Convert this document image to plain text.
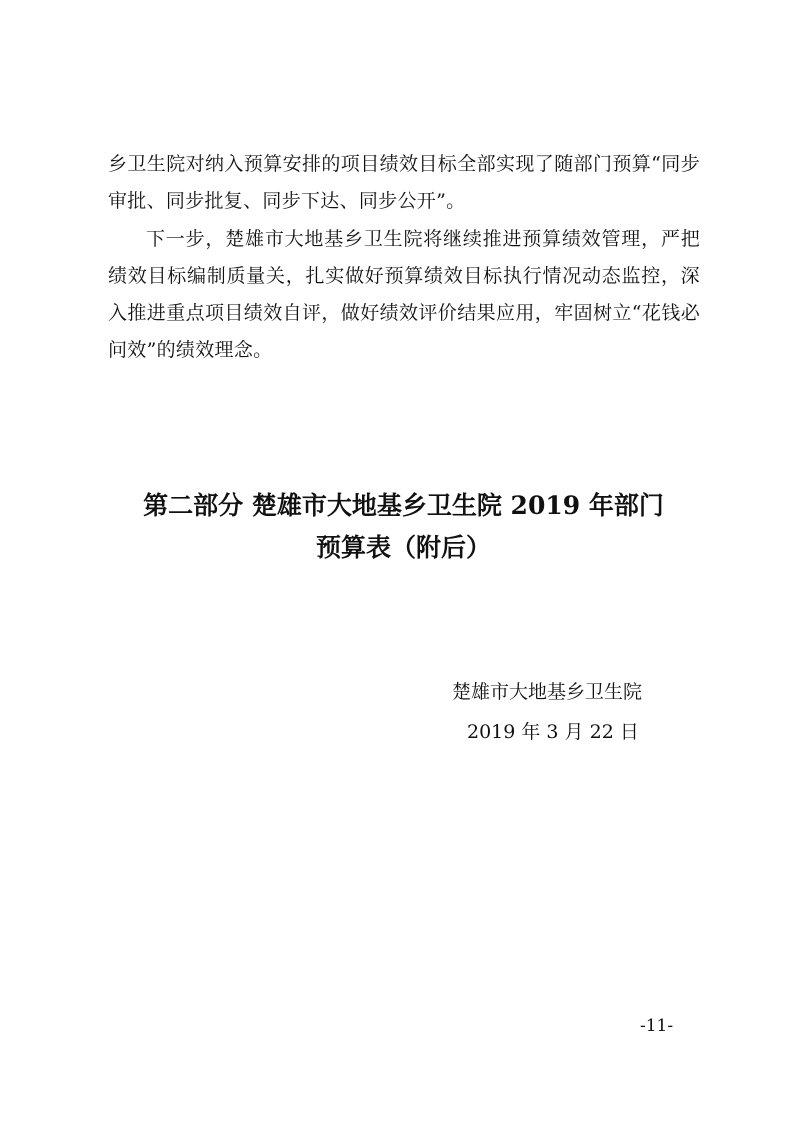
乡卫生院对纳入预算安排的项目绩效目标全部实现了随部门预算“同步审批、同步批复、同步下达、同步公开”。

下一步，楚雄市大地基乡卫生院将继续推进预算绩效管理，严把绩效目标编制质量关，扎实做好预算绩效目标执行情况动态监控，深入推进重点项目绩效自评，做好绩效评价结果应用，牢固树立“花钱必问效”的绩效理念。

第二部分 楚雄市大地基乡卫生院 2019 年部门
预算表（附后）
楚雄市大地基乡卫生院
2019 年 3 月 22 日
-11-
